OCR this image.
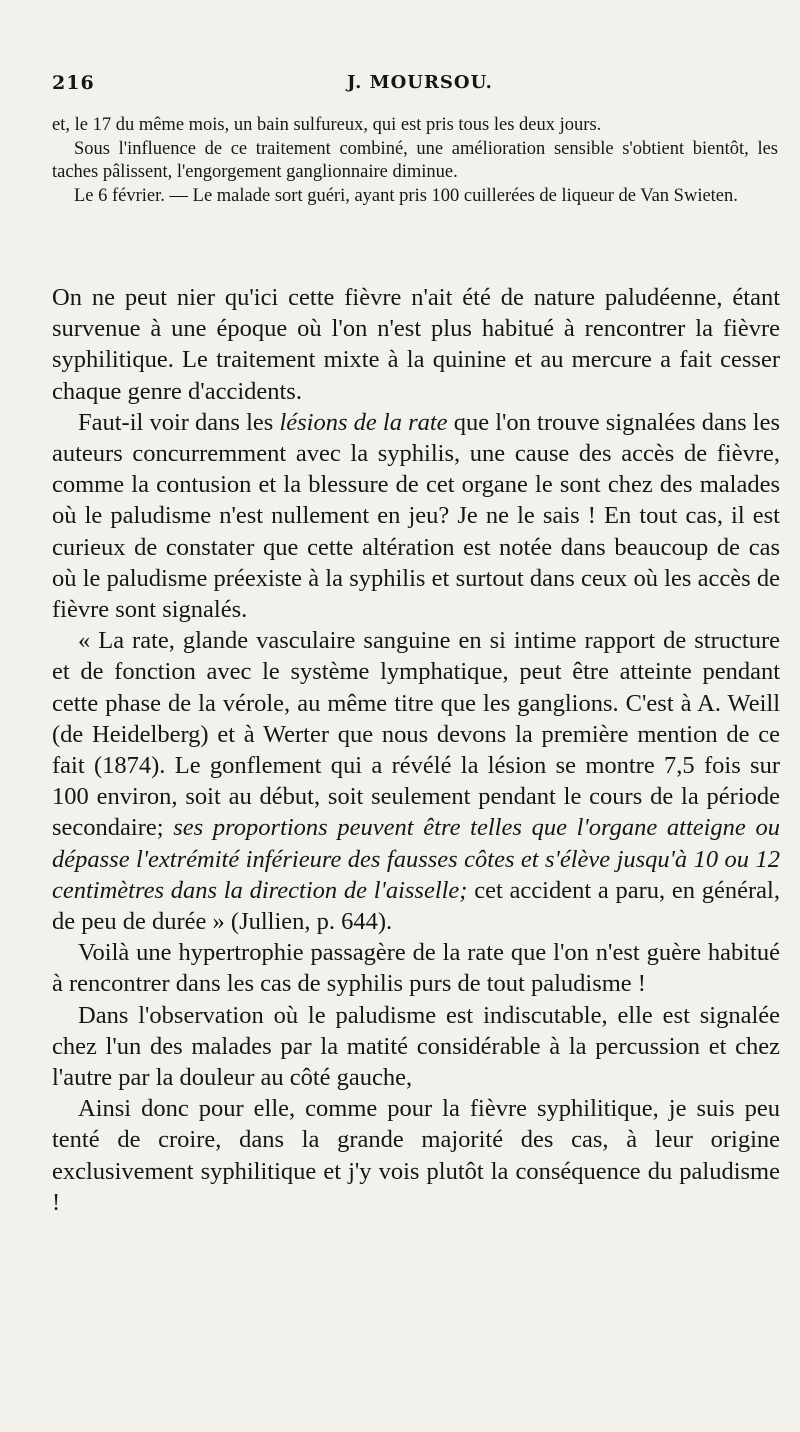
216	J. MOURSOU.

et, le 17 du même mois, un bain sulfureux, qui est pris tous les deux jours.

Sous l'influence de ce traitement combiné, une amélioration sensible s'obtient bientôt, les taches pâlissent, l'engorgement ganglionnaire diminue.

Le 6 février. — Le malade sort guéri, ayant pris 100 cuillerées de liqueur de Van Swieten.

On ne peut nier qu'ici cette fièvre n'ait été de nature paludéenne, étant survenue à une époque où l'on n'est plus habitué à rencontrer la fièvre syphilitique. Le traitement mixte à la quinine et au mercure a fait cesser chaque genre d'accidents.

Faut-il voir dans les lésions de la rate que l'on trouve signalées dans les auteurs concurremment avec la syphilis, une cause des accès de fièvre, comme la contusion et la blessure de cet organe le sont chez des malades où le paludisme n'est nullement en jeu? Je ne le sais ! En tout cas, il est curieux de constater que cette altération est notée dans beaucoup de cas où le paludisme préexiste à la syphilis et surtout dans ceux où les accès de fièvre sont signalés.

« La rate, glande vasculaire sanguine en si intime rapport de structure et de fonction avec le système lymphatique, peut être atteinte pendant cette phase de la vérole, au même titre que les ganglions. C'est à A. Weill (de Heidelberg) et à Werter que nous devons la première mention de ce fait (1874). Le gonflement qui a révélé la lésion se montre 7,5 fois sur 100 environ, soit au début, soit seulement pendant le cours de la période secondaire; ses proportions peuvent être telles que l'organe atteigne ou dépasse l'extrémité inférieure des fausses côtes et s'élève jusqu'à 10 ou 12 centimètres dans la direction de l'aisselle; cet accident a paru, en général, de peu de durée » (Jullien, p. 644).

Voilà une hypertrophie passagère de la rate que l'on n'est guère habitué à rencontrer dans les cas de syphilis purs de tout paludisme !

Dans l'observation où le paludisme est indiscutable, elle est signalée chez l'un des malades par la matité considérable à la percussion et chez l'autre par la douleur au côté gauche,

Ainsi donc pour elle, comme pour la fièvre syphilitique, je suis peu tenté de croire, dans la grande majorité des cas, à leur origine exclusivement syphilitique et j'y vois plutôt la conséquence du paludisme !
